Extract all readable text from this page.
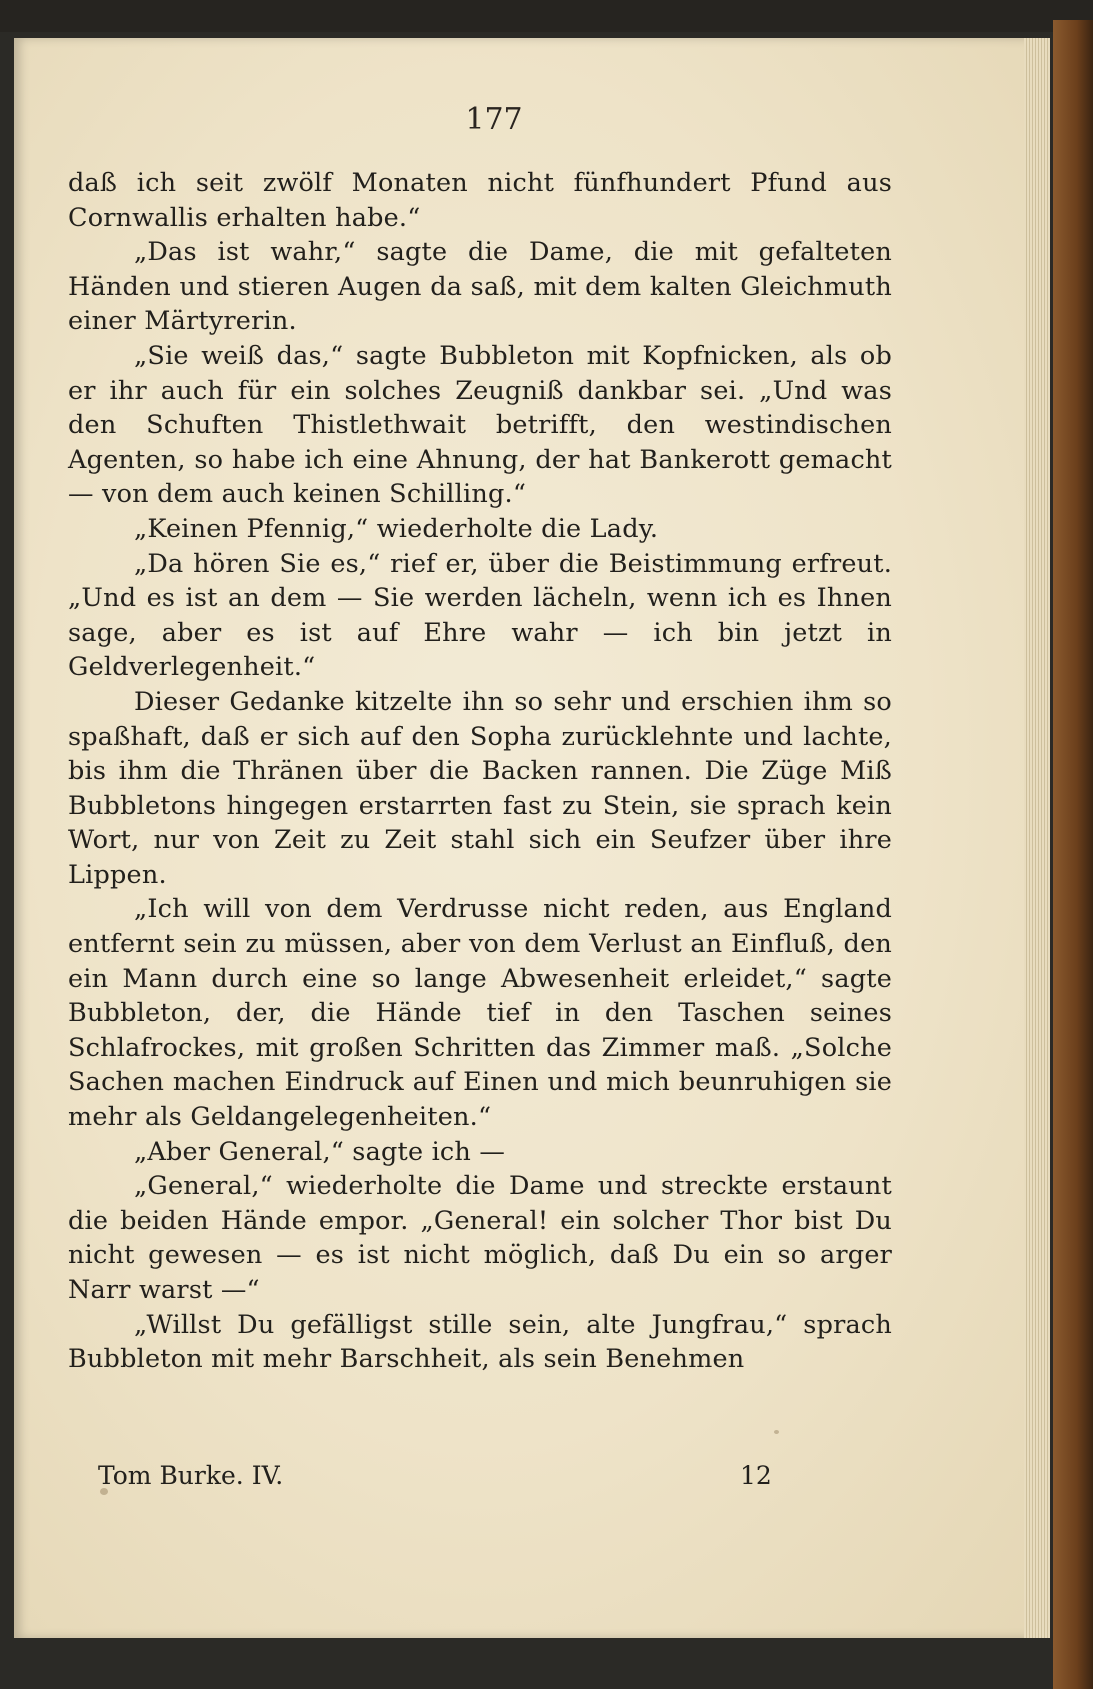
177

daß ich seit zwölf Monaten nicht fünfhundert Pfund aus Cornwallis erhalten habe.“

„Das ist wahr,“ sagte die Dame, die mit gefalteten Händen und stieren Augen da saß, mit dem kalten Gleichmuth einer Märtyrerin.

„Sie weiß das,“ sagte Bubbleton mit Kopfnicken, als ob er ihr auch für ein solches Zeugniß dankbar sei. „Und was den Schuften Thistlethwait betrifft, den westindischen Agenten, so habe ich eine Ahnung, der hat Bankerott gemacht — von dem auch keinen Schilling.“

„Keinen Pfennig,“ wiederholte die Lady.

„Da hören Sie es,“ rief er, über die Beistimmung erfreut. „Und es ist an dem — Sie werden lächeln, wenn ich es Ihnen sage, aber es ist auf Ehre wahr — ich bin jetzt in Geldverlegenheit.“

Dieser Gedanke kitzelte ihn so sehr und erschien ihm so spaßhaft, daß er sich auf den Sopha zurücklehnte und lachte, bis ihm die Thränen über die Backen rannen. Die Züge Miß Bubbletons hingegen erstarrten fast zu Stein, sie sprach kein Wort, nur von Zeit zu Zeit stahl sich ein Seufzer über ihre Lippen.

„Ich will von dem Verdrusse nicht reden, aus England entfernt sein zu müssen, aber von dem Verlust an Einfluß, den ein Mann durch eine so lange Abwesenheit erleidet,“ sagte Bubbleton, der, die Hände tief in den Taschen seines Schlafrockes, mit großen Schritten das Zimmer maß. „Solche Sachen machen Eindruck auf Einen und mich beunruhigen sie mehr als Geldangelegenheiten.“

„Aber General,“ sagte ich —

„General,“ wiederholte die Dame und streckte erstaunt die beiden Hände empor. „General! ein solcher Thor bist Du nicht gewesen — es ist nicht möglich, daß Du ein so arger Narr warst —“

„Willst Du gefälligst stille sein, alte Jungfrau,“ sprach Bubbleton mit mehr Barschheit, als sein Benehmen

Tom Burke. IV.	12
